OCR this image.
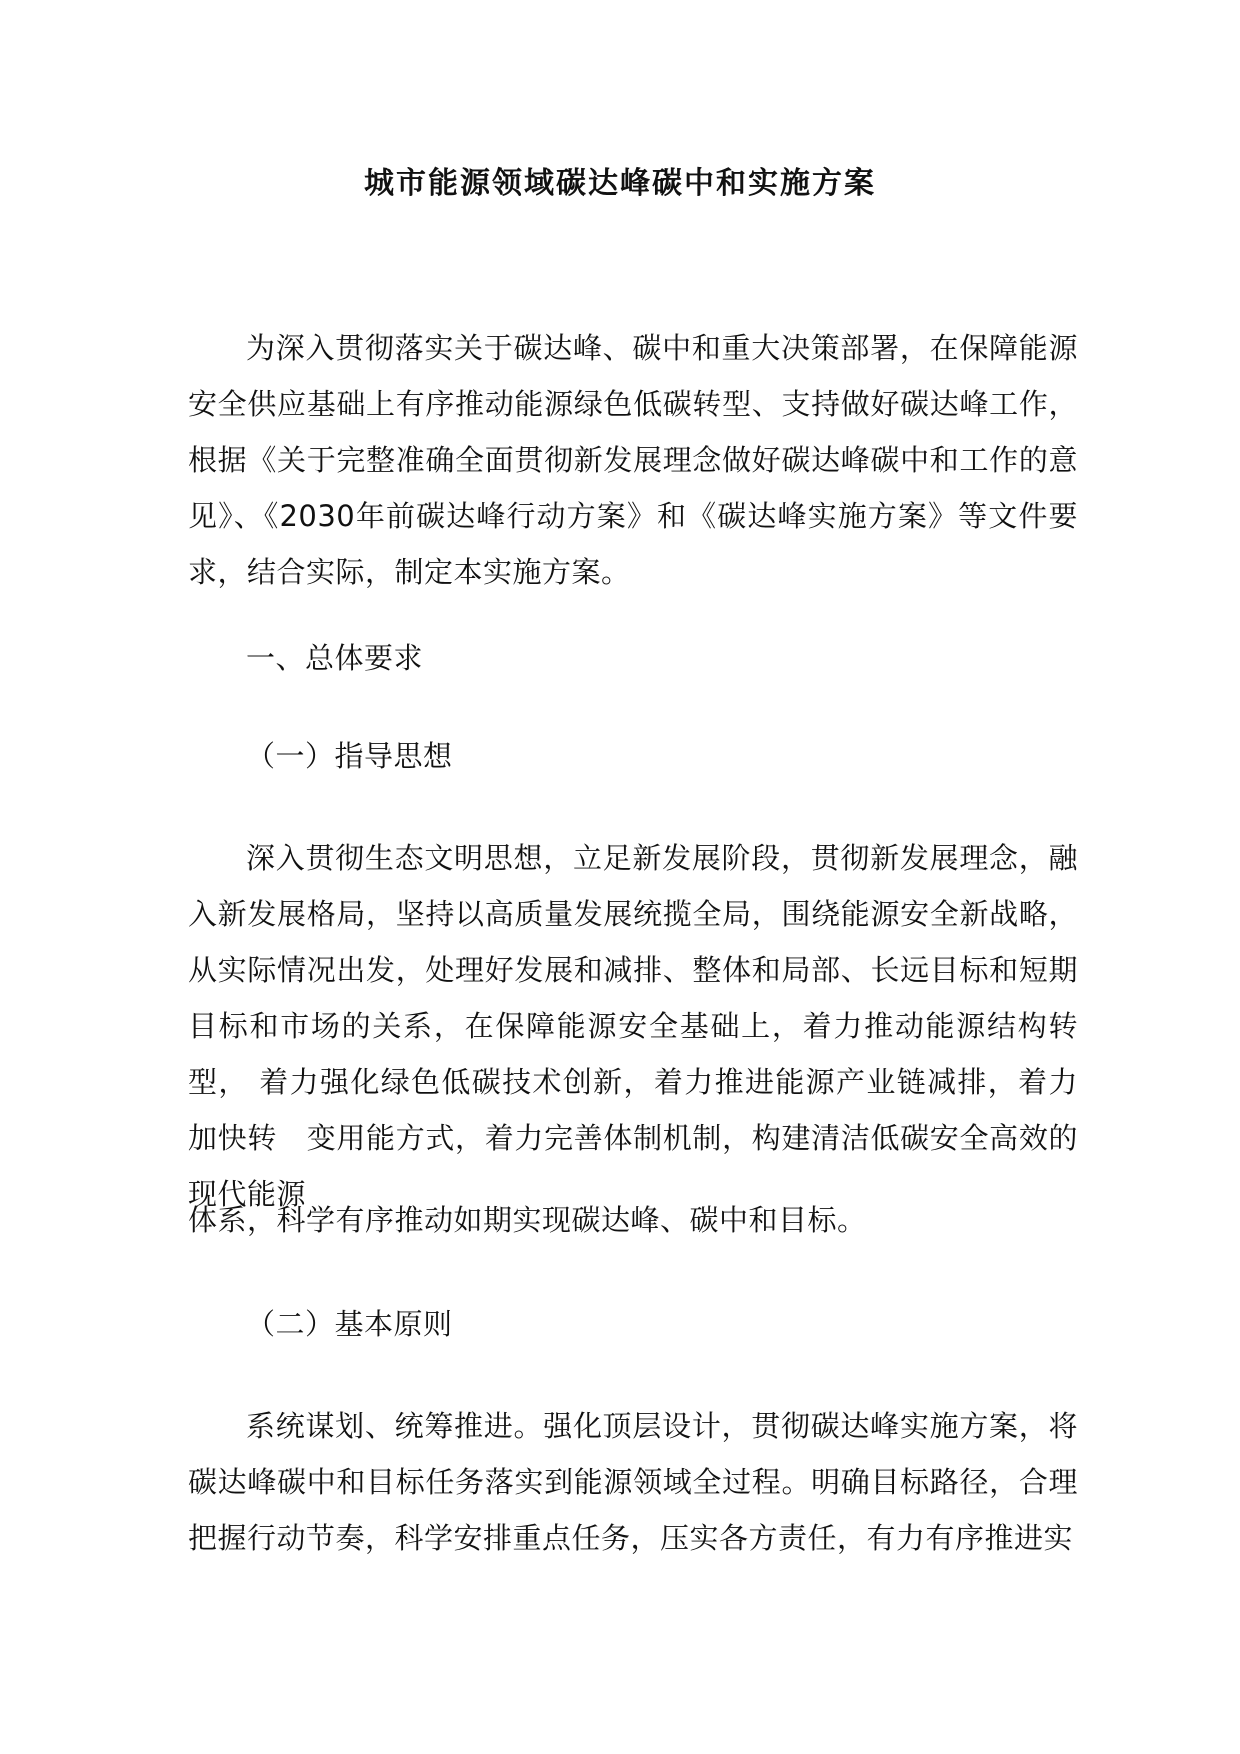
城市能源领域碳达峰碳中和实施方案

为深入贯彻落实关于碳达峰、碳中和重大决策部署，在保障能源安全供应基础上有序推动能源绿色低碳转型、支持做好碳达峰工作，根据《关于完整准确全面贯彻新发展理念做好碳达峰碳中和工作的意见》、《2030年前碳达峰行动方案》和《碳达峰实施方案》等文件要求，结合实际，制定本实施方案。

一、总体要求

（一）指导思想

深入贯彻生态文明思想，立足新发展阶段，贯彻新发展理念，融入新发展格局，坚持以高质量发展统揽全局，围绕能源安全新战略，从实际情况出发，处理好发展和减排、整体和局部、长远目标和短期目标和市场的关系，在保障能源安全基础上，着力推动能源结构转型， 着力强化绿色低碳技术创新，着力推进能源产业链减排，着力加快转　变用能方式，着力完善体制机制，构建清洁低碳安全高效的现代能源

体系，科学有序推动如期实现碳达峰、碳中和目标。

（二）基本原则

系统谋划、统筹推进。强化顶层设计，贯彻碳达峰实施方案，将碳达峰碳中和目标任务落实到能源领域全过程。明确目标路径，合理把握行动节奏，科学安排重点任务，压实各方责任，有力有序推进实
